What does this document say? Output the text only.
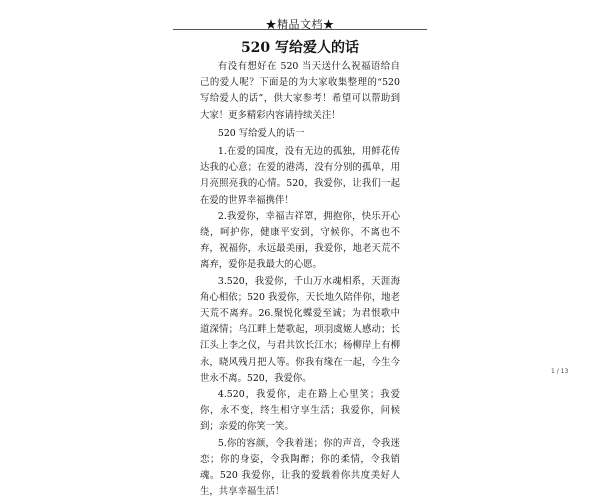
★精品文档★
520 写给爱人的话

有没有想好在 520 当天送什么祝福语给自己的爱人呢？下面是的为大家收集整理的“520 写给爱人的话”，供大家参考！希望可以帮助到大家！更多精彩内容请持续关注！

520 写给爱人的话一

1.在爱的国度，没有无边的孤独，用鲜花传达我的心意；在爱的港湾，没有分别的孤单，用月亮照亮我的心情。520，我爱你，让我们一起在爱的世界幸福携伴！

2.我爱你，幸福吉祥罩，拥抱你，快乐开心绕，呵护你，健康平安到，守候你，不离也不弃，祝福你，永远最美丽，我爱你，地老天荒不离弃，爱你是我最大的心愿。

3.520，我爱你，千山万水魂相系，天涯海角心相依；520 我爱你，天长地久陪伴你，地老天荒不离弃。26.聚悦化蝶爱至诚；为君恨歌中道深情；乌江畔上楚歌起，项羽虞姬人感动；长江头上李之仪，与君共饮长江水；杨柳岸上有柳永，晓风残月把人等。你我有缘在一起，今生今世永不离。520，我爱你。

4.520，我爱你，走在路上心里笑；我爱你，永不变，终生相守享生活；我爱你，问候到；亲爱的你笑一笑。

5.你的容颜，令我着迷；你的声音，令我迷恋；你的身姿，令我陶醉；你的柔情，令我销魂。520 我爱你，让我的爱载着你共度美好人生，共享幸福生活！

1 / 13
